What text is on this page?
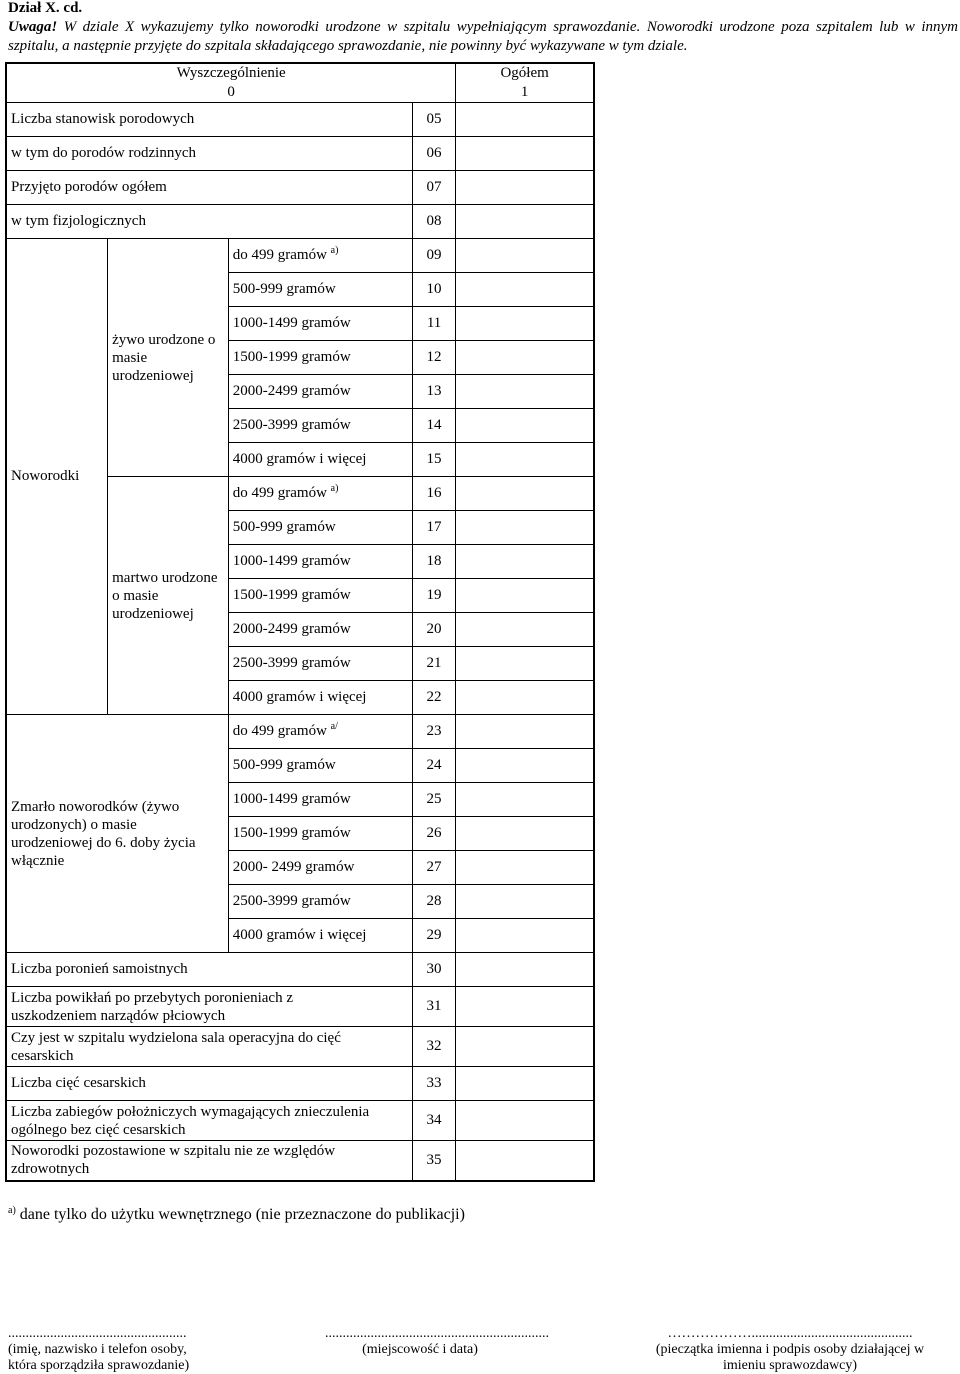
Dział X. cd.
Uwaga! W dziale X wykazujemy tylko noworodki urodzone w szpitalu wypełniającym sprawozdanie. Noworodki urodzone poza szpitalem lub w innym szpitalu, a następnie przyjęte do szpitala składającego sprawozdanie, nie powinny być wykazywane w tym dziale.
Wyszczególnienie				Ogółem
0				1
Liczba stanowisk porodowych			05	
w tym do porodów rodzinnych			06	
Przyjęto porodów ogółem			07	
w tym fizjologicznych			08	
Noworodki	żywo urodzone o masie urodzeniowej	do 499 gramów $^{a)}$	09	
		500-999 gramów	10	
		1000-1499 gramów	11	
		1500-1999 gramów	12	
		2000-2499 gramów	13	
		2500-3999 gramów	14	
		4000 gramów i więcej	15	
	martwo urodzone o masie urodzeniowej	do 499 gramów $^{a)}$	16	
		500-999 gramów	17	
		1000-1499 gramów	18	
		1500-1999 gramów	19	
		2000-2499 gramów	20	
		2500-3999 gramów	21	
		4000 gramów i więcej	22	
Zmarło noworodków (żywo urodzonych) o masie urodzeniowej do 6. doby życia włącznie		do 499 gramów $^{a/}$	23	
		500-999 gramów	24	
		1000-1499 gramów	25	
		1500-1999 gramów	26	
		2000- 2499 gramów	27	
		2500-3999 gramów	28	
		4000 gramów i więcej	29	
Liczba poronień samoistnych			30	
Liczba powikłań po przebytych poronieniach z uszkodzeniem narządów płciowych			31	
Czy jest w szpitalu wydzielona sala operacyjna do cięć cesarskich			32	
Liczba cięć cesarskich			33	
Liczba zabiegów położniczych wymagających znieczulenia ogólnego bez cięć cesarskich			34	
Noworodki pozostawione w szpitalu nie ze względów zdrowotnych			35	
$^{a)}$ dane tylko do użytku wewnętrznego (nie przeznaczone do publikacji)
...................................................
(imię, nazwisko i telefon osoby,
która sporządziła sprawozdanie)
................................................................
(miejscowość i data)
………………..............................................
(pieczątka imienna i podpis osoby działającej w
imieniu sprawozdawcy)
